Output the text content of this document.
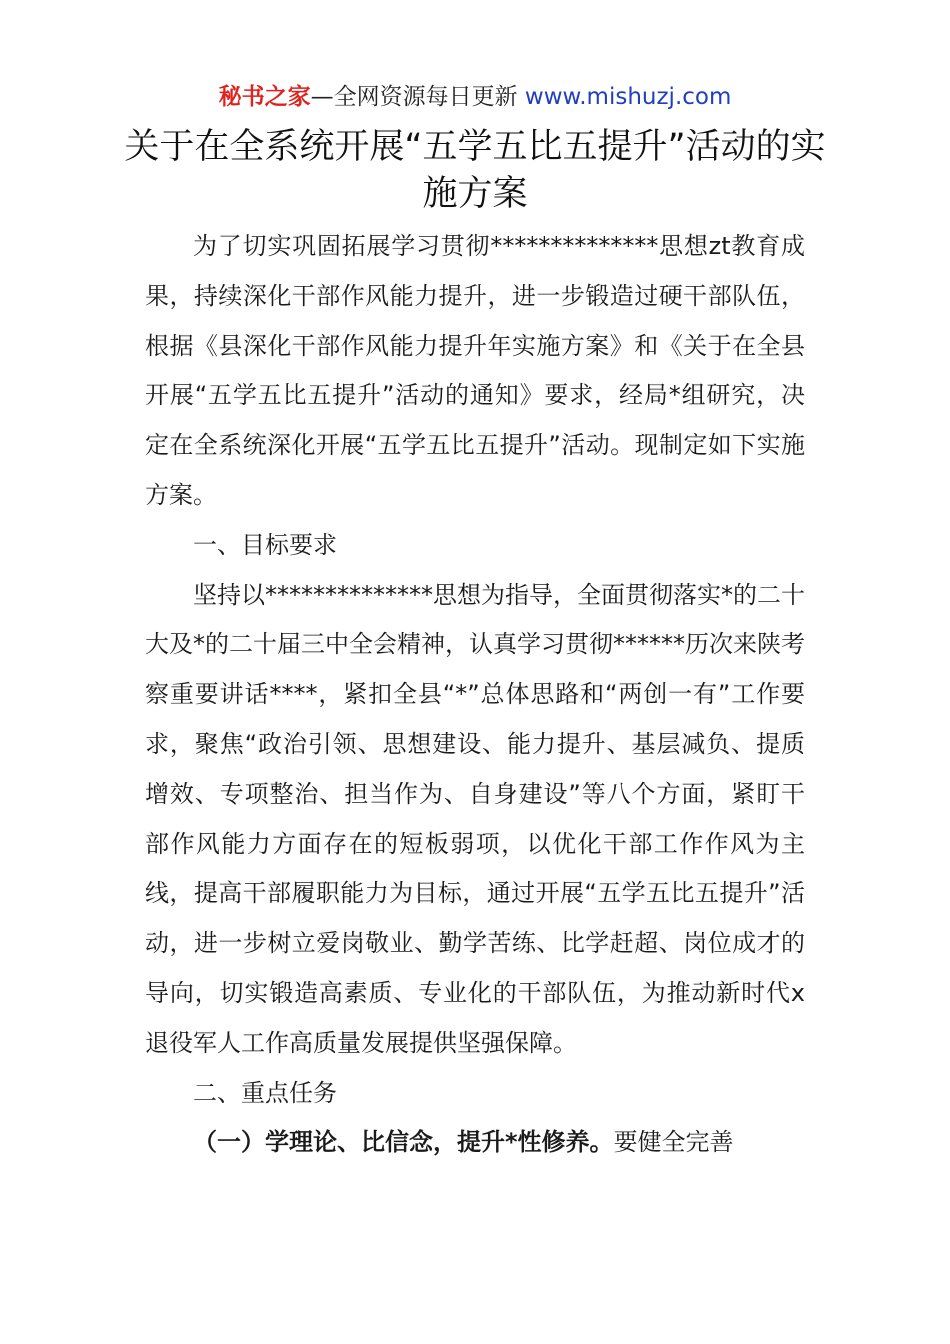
秘书之家—全网资源每日更新 www.mishuzj.com
关于在全系统开展“五学五比五提升”活动的实施方案

为了切实巩固拓展学习贯彻**************思想zt教育成果，持续深化干部作风能力提升，进一步锻造过硬干部队伍，根据《县深化干部作风能力提升年实施方案》和《关于在全县开展“五学五比五提升”活动的通知》要求，经局*组研究，决定在全系统深化开展“五学五比五提升”活动。现制定如下实施方案。

一、目标要求

坚持以**************思想为指导，全面贯彻落实*的二十大及*的二十届三中全会精神，认真学习贯彻******历次来陕考察重要讲话****，紧扣全县“*”总体思路和“两创一有”工作要求，聚焦“政治引领、思想建设、能力提升、基层减负、提质增效、专项整治、担当作为、自身建设”等八个方面，紧盯干部作风能力方面存在的短板弱项，以优化干部工作作风为主线，提高干部履职能力为目标，通过开展“五学五比五提升”活动，进一步树立爱岗敬业、勤学苦练、比学赶超、岗位成才的导向，切实锻造高素质、专业化的干部队伍，为推动新时代x退役军人工作高质量发展提供坚强保障。

二、重点任务

（一）学理论、比信念，提升*性修养。要健全完善
